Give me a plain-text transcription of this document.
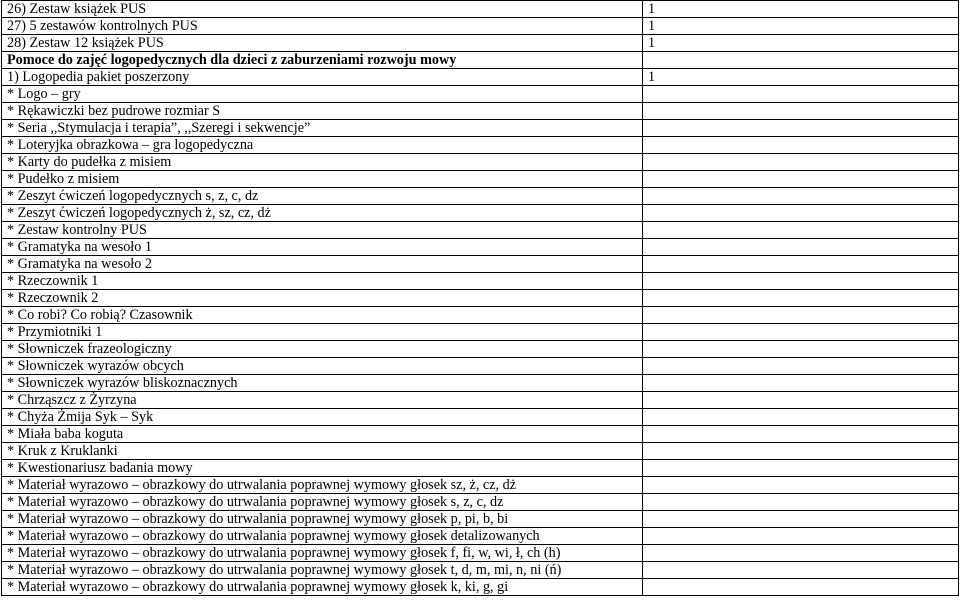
26) Zestaw książek PUS	1
27) 5 zestawów kontrolnych PUS	1
28) Zestaw 12 książek PUS	1
Pomoce do zajęć logopedycznych dla dzieci z zaburzeniami rozwoju mowy	
1) Logopedia pakiet poszerzony	1
* Logo – gry	
* Rękawiczki bez pudrowe rozmiar S	
* Seria ,,Stymulacja i terapia”, ,,Szeregi i sekwencje”	
* Loteryjka obrazkowa – gra logopedyczna	
* Karty do pudełka z misiem	
* Pudełko z misiem	
* Zeszyt ćwiczeń logopedycznych s, z, c, dz	
* Zeszyt ćwiczeń logopedycznych ż, sz, cz, dż	
* Zestaw kontrolny PUS	
* Gramatyka na wesoło 1	
* Gramatyka na wesoło 2	
* Rzeczownik 1	
* Rzeczownik 2	
* Co robi? Co robią? Czasownik	
* Przymiotniki 1	
* Słowniczek frazeologiczny	
* Słowniczek wyrazów obcych	
* Słowniczek wyrazów bliskoznacznych	
* Chrząszcz z Żyrzyna	
* Chyża Żmija Syk – Syk	
* Miała baba koguta	
* Kruk z Kruklanki	
* Kwestionariusz badania mowy	
* Materiał wyrazowo – obrazkowy do utrwalania poprawnej wymowy głosek sz, ż, cz, dż	
* Materiał wyrazowo – obrazkowy do utrwalania poprawnej wymowy głosek s, z, c, dz	
* Materiał wyrazowo – obrazkowy do utrwalania poprawnej wymowy głosek p, pi, b, bi	
* Materiał wyrazowo – obrazkowy do utrwalania poprawnej wymowy głosek detalizowanych	
* Materiał wyrazowo – obrazkowy do utrwalania poprawnej wymowy głosek f, fi, w, wi, ł, ch (h)	
* Materiał wyrazowo – obrazkowy do utrwalania poprawnej wymowy głosek t, d, m, mi, n, ni (ń)	
* Materiał wyrazowo – obrazkowy do utrwalania poprawnej wymowy głosek k, ki, g, gi	
